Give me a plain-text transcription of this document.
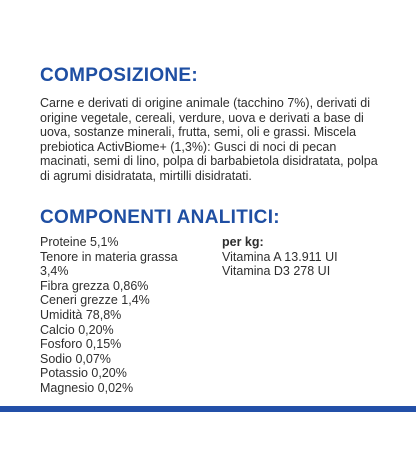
COMPOSIZIONE:

Carne e derivati di origine animale (tacchino 7%), derivati di origine vegetale, cereali, verdure, uova e derivati a base di uova, sostanze minerali, frutta, semi, oli e grassi. Miscela prebiotica ActivBiome+ (1,3%): Gusci di noci di pecan macinati, semi di lino, polpa di barbabietola disidratata, polpa di agrumi disidratata, mirtilli disidratati.

COMPONENTI ANALITICI:
Proteine 5,1%
Tenore in materia grassa 3,4%
Fibra grezza 0,86%
Ceneri grezze 1,4%
Umidità 78,8%
Calcio 0,20%
Fosforo 0,15%
Sodio 0,07%
Potassio 0,20%
Magnesio 0,02%
per kg:
Vitamina A 13.911 UI
Vitamina D3 278 UI
